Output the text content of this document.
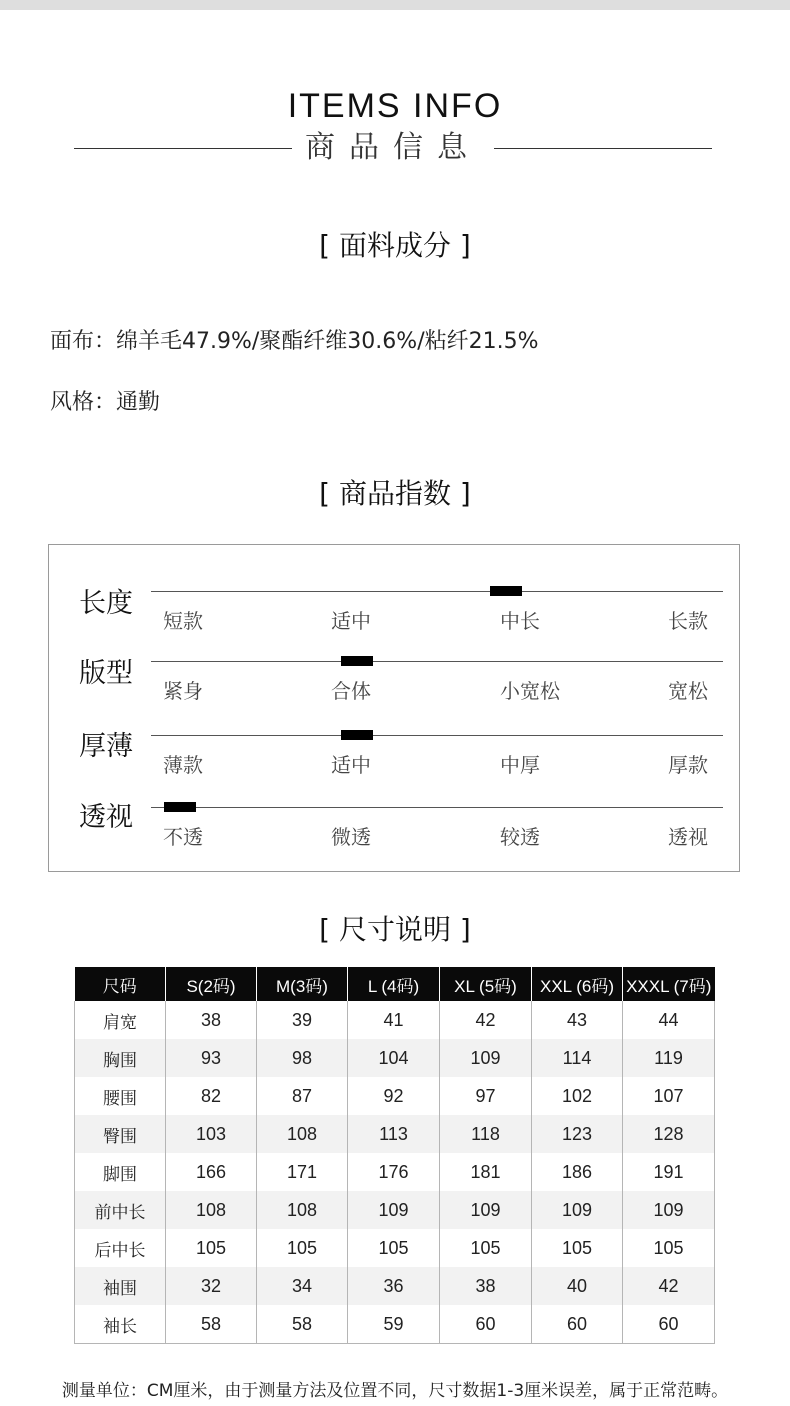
ITEMS INFO
商品信息
[ 面料成分 ]
面布：绵羊毛47.9%/聚酯纤维30.6%/粘纤21.5%
风格：通勤
[ 商品指数 ]
长度
短款	适中	中长	长款
版型
紧身	合体	小宽松	宽松
厚薄
薄款	适中	中厚	厚款
透视
不透	微透	较透	透视
[ 尺寸说明 ]
尺码	S(2码)	M(3码)	L (4码)	XL (5码)	XXL (6码)	XXXL (7码)
肩宽	38	39	41	42	43	44
胸围	93	98	104	109	114	119
腰围	82	87	92	97	102	107
臀围	103	108	113	118	123	128
脚围	166	171	176	181	186	191
前中长	108	108	109	109	109	109
后中长	105	105	105	105	105	105
袖围	32	34	36	38	40	42
袖长	58	58	59	60	60	60
测量单位：CM厘米，由于测量方法及位置不同，尺寸数据1-3厘米误差，属于正常范畴。
